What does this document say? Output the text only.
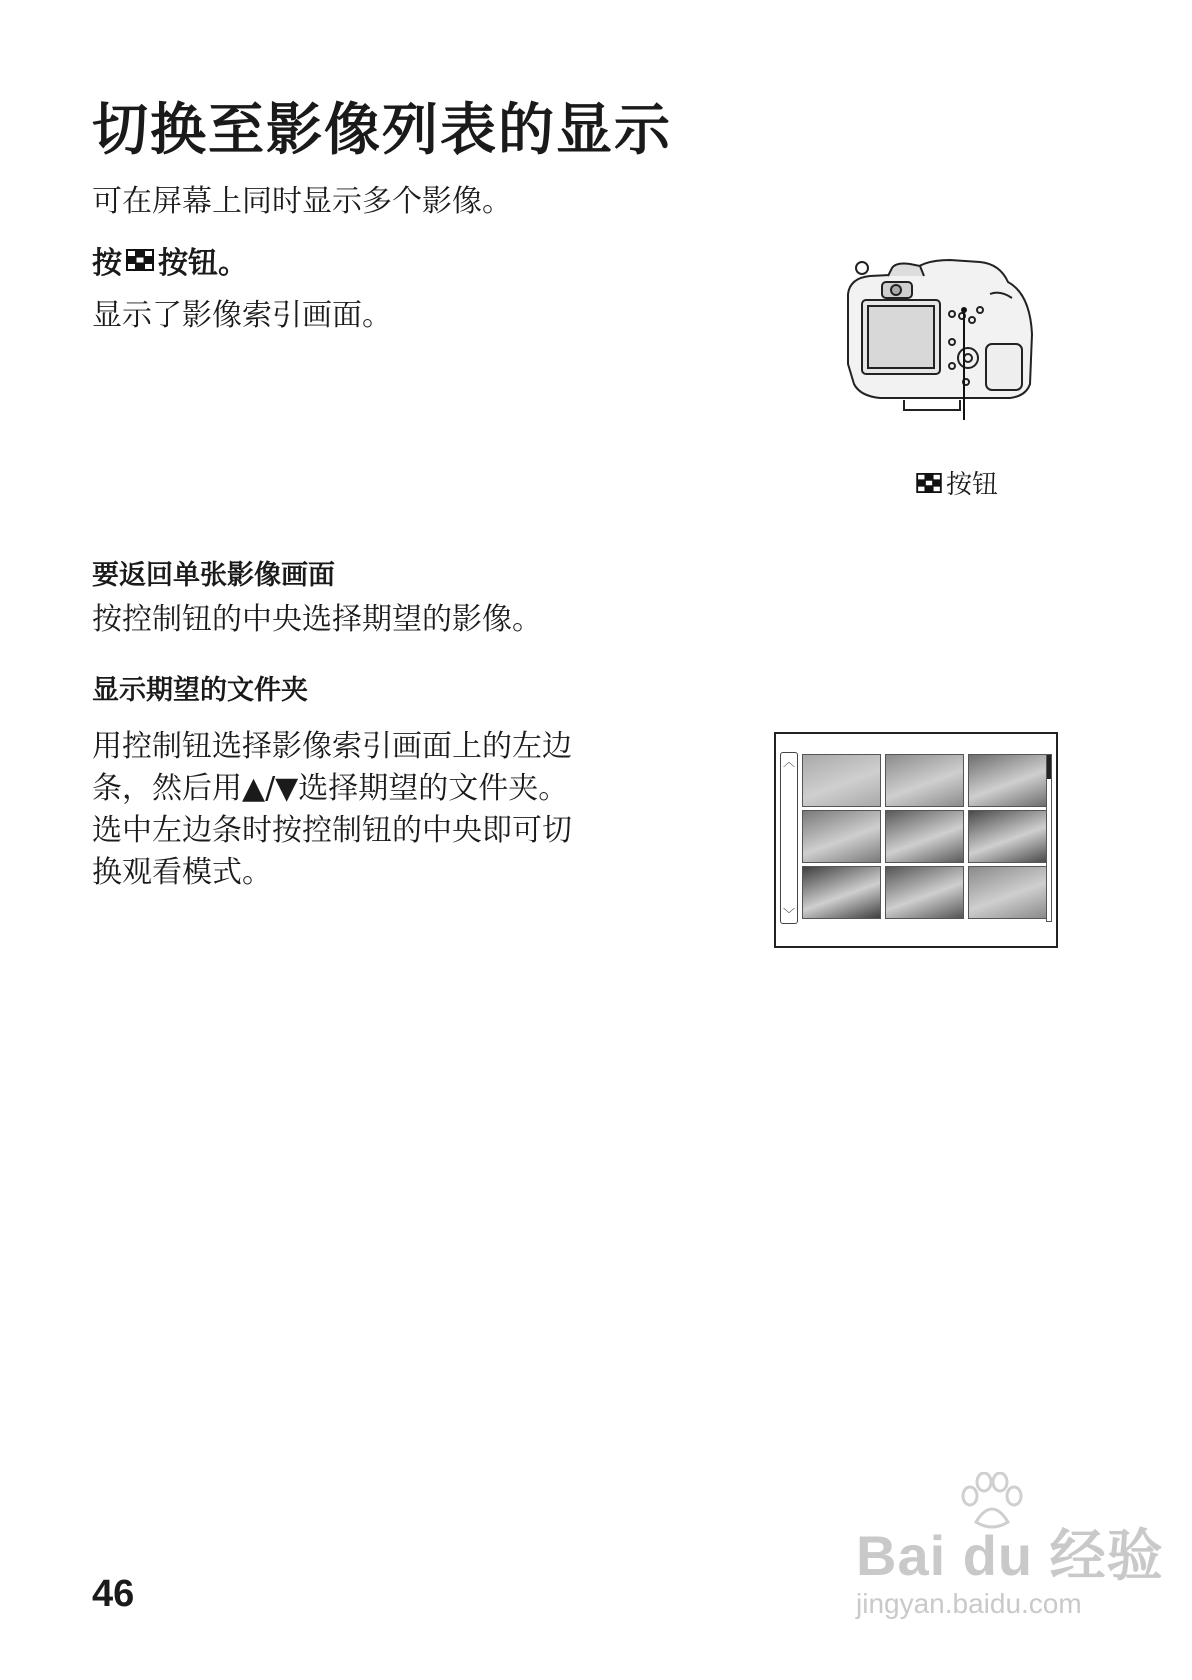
切换至影像列表的显示
可在屏幕上同时显示多个影像。
按 按钮。
显示了影像索引画面。
按钮
要返回单张影像画面
按控制钮的中央选择期望的影像。
显示期望的文件夹
用控制钮选择影像索引画面上的左边
条，然后用▲/▼选择期望的文件夹。
选中左边条时按控制钮的中央即可切
换观看模式。
︿
﹀
46
Bai du 经验
jingyan.baidu.com
